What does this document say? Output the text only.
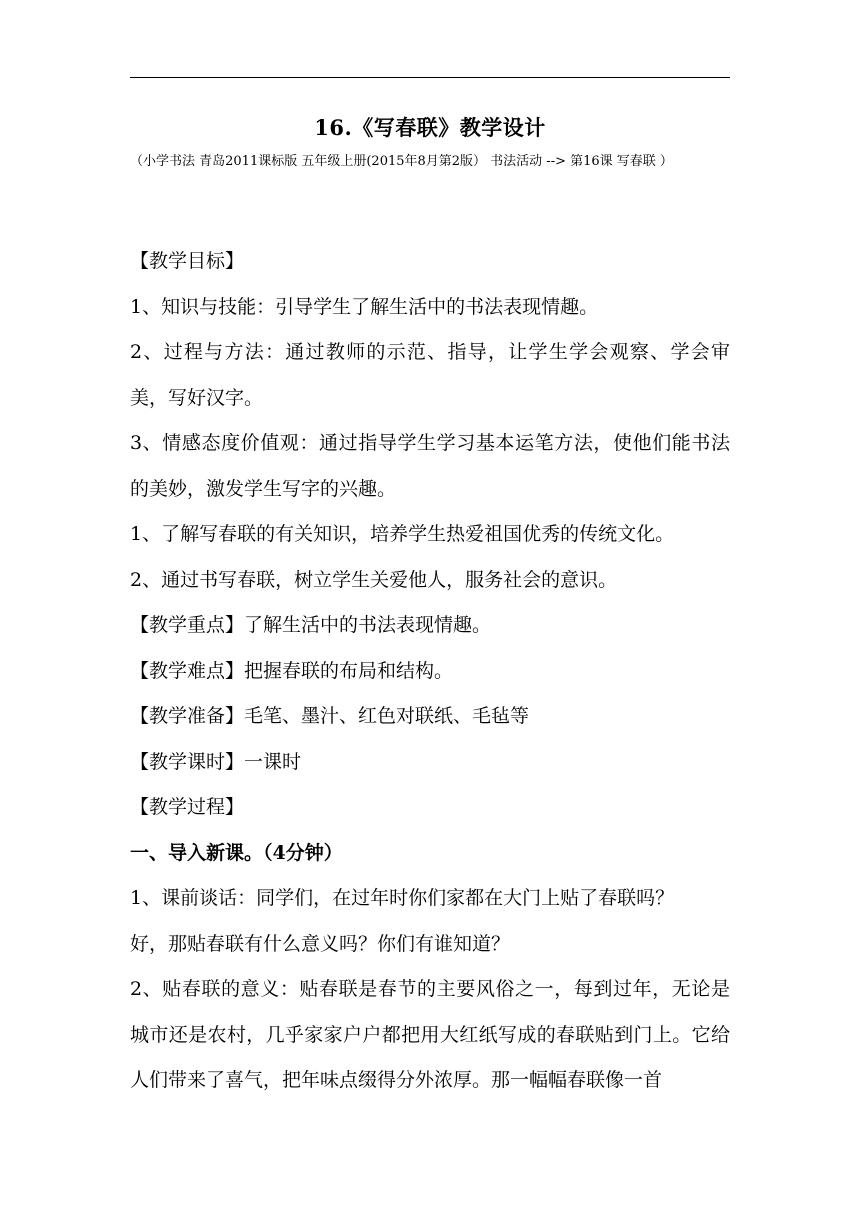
16.《写春联》教学设计
（小学书法 青岛2011课标版 五年级上册(2015年8月第2版） 书法活动 --> 第16课 写春联 ）

【教学目标】

1、知识与技能：引导学生了解生活中的书法表现情趣。

2、过程与方法：通过教师的示范、指导，让学生学会观察、学会审美，写好汉字。

3、情感态度价值观：通过指导学生学习基本运笔方法，使他们能书法的美妙，激发学生写字的兴趣。

1、了解写春联的有关知识，培养学生热爱祖国优秀的传统文化。

2、通过书写春联，树立学生关爱他人，服务社会的意识。

【教学重点】了解生活中的书法表现情趣。

【教学难点】把握春联的布局和结构。

【教学准备】毛笔、墨汁、红色对联纸、毛毡等

【教学课时】一课时

【教学过程】

一、导入新课。（4分钟）

1、课前谈话：同学们，在过年时你们家都在大门上贴了春联吗？

好，那贴春联有什么意义吗？你们有谁知道？

2、贴春联的意义：贴春联是春节的主要风俗之一，每到过年，无论是城市还是农村，几乎家家户户都把用大红纸写成的春联贴到门上。它给人们带来了喜气，把年味点缀得分外浓厚。那一幅幅春联像一首
